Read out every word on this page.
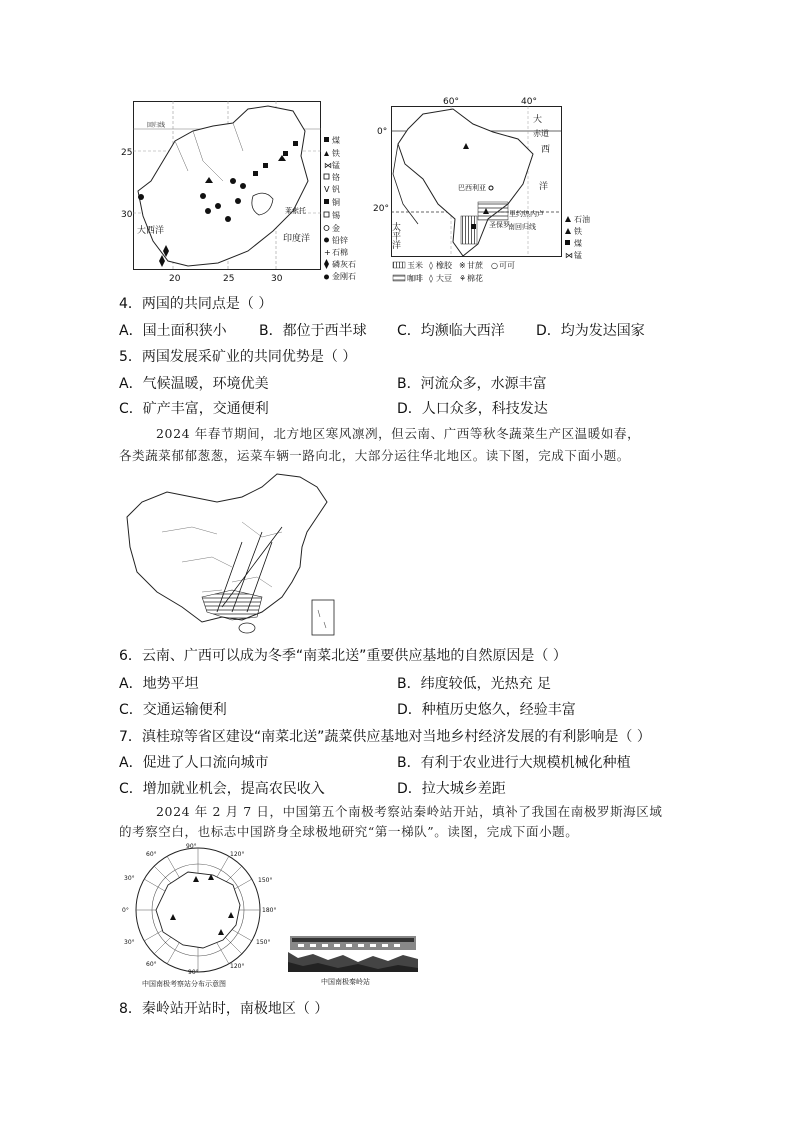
25
30
20	25	30
回归线
大西洋
印度洋
莱索托
煤
铁
⋈ 锰
铬
V 钒
铜
锡
金
铅锌
+ 石棉
磷灰石
金刚石
60°	40°
0°
20°
大
赤道
西
洋
太平洋
巴西利亚
里约热内卢
圣保罗
南回归线
石油
铁
煤
⋈ 锰
玉米 ◊ 橡胶 ※ 甘蔗 ○ 可可
咖啡 ◊ 大豆 ⚘ 棉花
4．两国的共同点是（ ）
A．国土面积狭小 B．都位于西半球 C．均濒临大西洋 D．均为发达国家
5．两国发展采矿业的共同优势是（ ）
A．气候温暖，环境优美	B．河流众多，水源丰富
C．矿产丰富，交通便利	D．人口众多，科技发达
2024 年春节期间，北方地区寒风凛冽，但云南、广西等秋冬蔬菜生产区温暖如春，
各类蔬菜郁郁葱葱，运菜车辆一路向北，大部分运往华北地区。读下图，完成下面小题。
6．云南、广西可以成为冬季“南菜北送”重要供应基地的自然原因是（ ）
A．地势平坦	B．纬度较低，光热充 足
C．交通运输便利	D．种植历史悠久，经验丰富
7．滇桂琼等省区建设“南菜北送”蔬菜供应基地对当地乡村经济发展的有利影响是（ ）
A．促进了人口流向城市	B．有利于农业进行大规模机械化种植
C．增加就业机会，提高农民收入	D．拉大城乡差距
2024 年 2 月 7 日，中国第五个南极考察站秦岭站开站，填补了我国在南极罗斯海区域
的考察空白，也标志中国跻身全球极地研究“第一梯队”。读图，完成下面小题。
90°
120°
150°
180°
150°
120°
90°
60°
30°
0°
30°
60°
中国南极考察站分布示意图	中国南极秦岭站
8．秦岭站开站时，南极地区（ ）
